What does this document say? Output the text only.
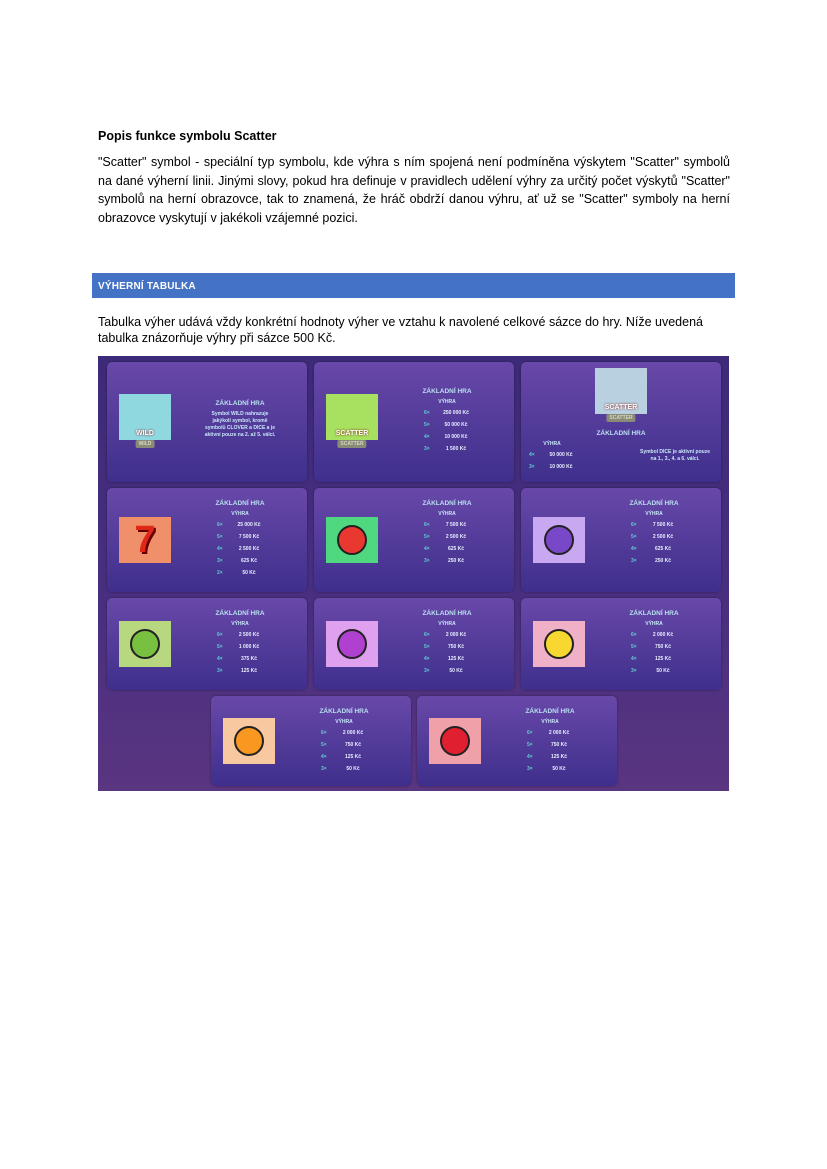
Popis funkce symbolu Scatter
"Scatter" symbol - speciální typ symbolu, kde výhra s ním spojená není podmíněna výskytem "Scatter" symbolů na dané výherní linii. Jinými slovy, pokud hra definuje v pravidlech udělení výhry za určitý počet výskytů "Scatter" symbolů na herní obrazovce, tak to znamená, že hráč obdrží danou výhru, ať už se "Scatter" symboly na herní obrazovce vyskytují v jakékoli vzájemné pozici.
VÝHERNÍ TABULKA
Tabulka výher udává vždy konkrétní hodnoty výher ve vztahu k navolené celkové sázce do hry. Níže uvedená tabulka znázorňuje výhry při sázce 500 Kč.
WILD
WILD
ZÁKLADNÍ HRA
Symbol WILD nahrazuje jakýkoli symbol, kromě symbolů CLOVER a DICE a je aktivní pouze na 2. až 5. válci.	SCATTER
SCATTER
ZÁKLADNÍ HRA
VÝHRA
6×	250 000 Kč
5×	50 000 Kč
4×	10 000 Kč
3×	1 500 Kč
SCATTER
SCATTER
ZÁKLADNÍ HRA
VÝHRA
4×	50 000 Kč
3×	10 000 Kč
Symbol DICE je aktivní pouze na 1., 3., 4. a 6. válci.
7
ZÁKLADNÍ HRA
VÝHRA
6×	25 000 Kč
5×	7 500 Kč
4×	2 500 Kč
3×	625 Kč
2×	50 Kč
ZÁKLADNÍ HRA
VÝHRA
6×	7 500 Kč
5×	2 500 Kč
4×	625 Kč
3×	250 Kč
ZÁKLADNÍ HRA
VÝHRA
6×	7 500 Kč
5×	2 500 Kč
4×	625 Kč
3×	250 Kč
ZÁKLADNÍ HRA
VÝHRA
6×	2 500 Kč
5×	1 000 Kč
4×	375 Kč
3×	125 Kč
ZÁKLADNÍ HRA
VÝHRA
6×	2 000 Kč
5×	750 Kč
4×	125 Kč
3×	50 Kč
ZÁKLADNÍ HRA
VÝHRA
6×	2 000 Kč
5×	750 Kč
4×	125 Kč
3×	50 Kč
ZÁKLADNÍ HRA
VÝHRA
6×	2 000 Kč
5×	750 Kč
4×	125 Kč
3×	50 Kč
ZÁKLADNÍ HRA
VÝHRA
6×	2 000 Kč
5×	750 Kč
4×	125 Kč
3×	50 Kč
